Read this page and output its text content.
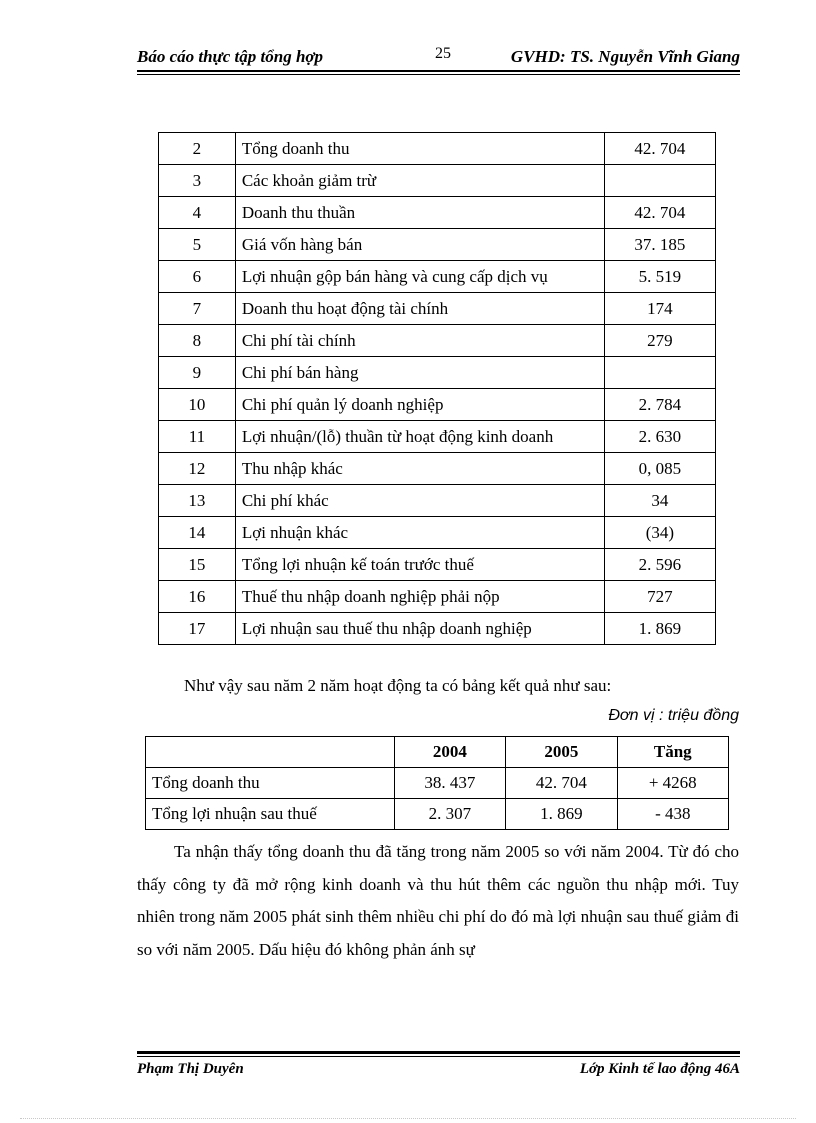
Báo cáo thực tập tổng hợp	25	GVHD: TS. Nguyễn Vĩnh Giang
2	Tổng doanh thu	42. 704
3	Các khoản giảm trừ	
4	Doanh thu thuần	42. 704
5	Giá vốn hàng bán	37. 185
6	Lợi nhuận gộp bán hàng và cung cấp dịch vụ	5. 519
7	Doanh thu hoạt động tài chính	174
8	Chi phí tài chính	279
9	Chi phí bán hàng	
10	Chi phí quản lý doanh nghiệp	2. 784
11	Lợi nhuận/(lỗ) thuần từ hoạt động kinh doanh	2. 630
12	Thu nhập khác	0, 085
13	Chi phí khác	34
14	Lợi nhuận khác	(34)
15	Tổng lợi nhuận kế toán trước thuế	2. 596
16	Thuế thu nhập doanh nghiệp phải nộp	727
17	Lợi nhuận sau thuế thu nhập doanh nghiệp	1. 869
Như vậy sau năm 2 năm hoạt động ta có bảng kết quả như sau:
Đơn vị : triệu đồng
	2004	2005	Tăng
Tổng doanh thu	38. 437	42. 704	+ 4268
Tổng lợi nhuận sau thuế	2. 307	1. 869	- 438
Ta nhận thấy tổng doanh thu đã tăng trong năm 2005 so với năm 2004. Từ đó cho thấy công ty đã mở rộng kinh doanh và thu hút thêm các nguồn thu nhập mới. Tuy nhiên trong năm 2005 phát sinh thêm nhiều chi phí do đó mà lợi nhuận sau thuế giảm đi so với năm 2005. Dấu hiệu đó không phản ánh sự
Phạm Thị Duyên	Lớp Kinh tế lao động 46A
